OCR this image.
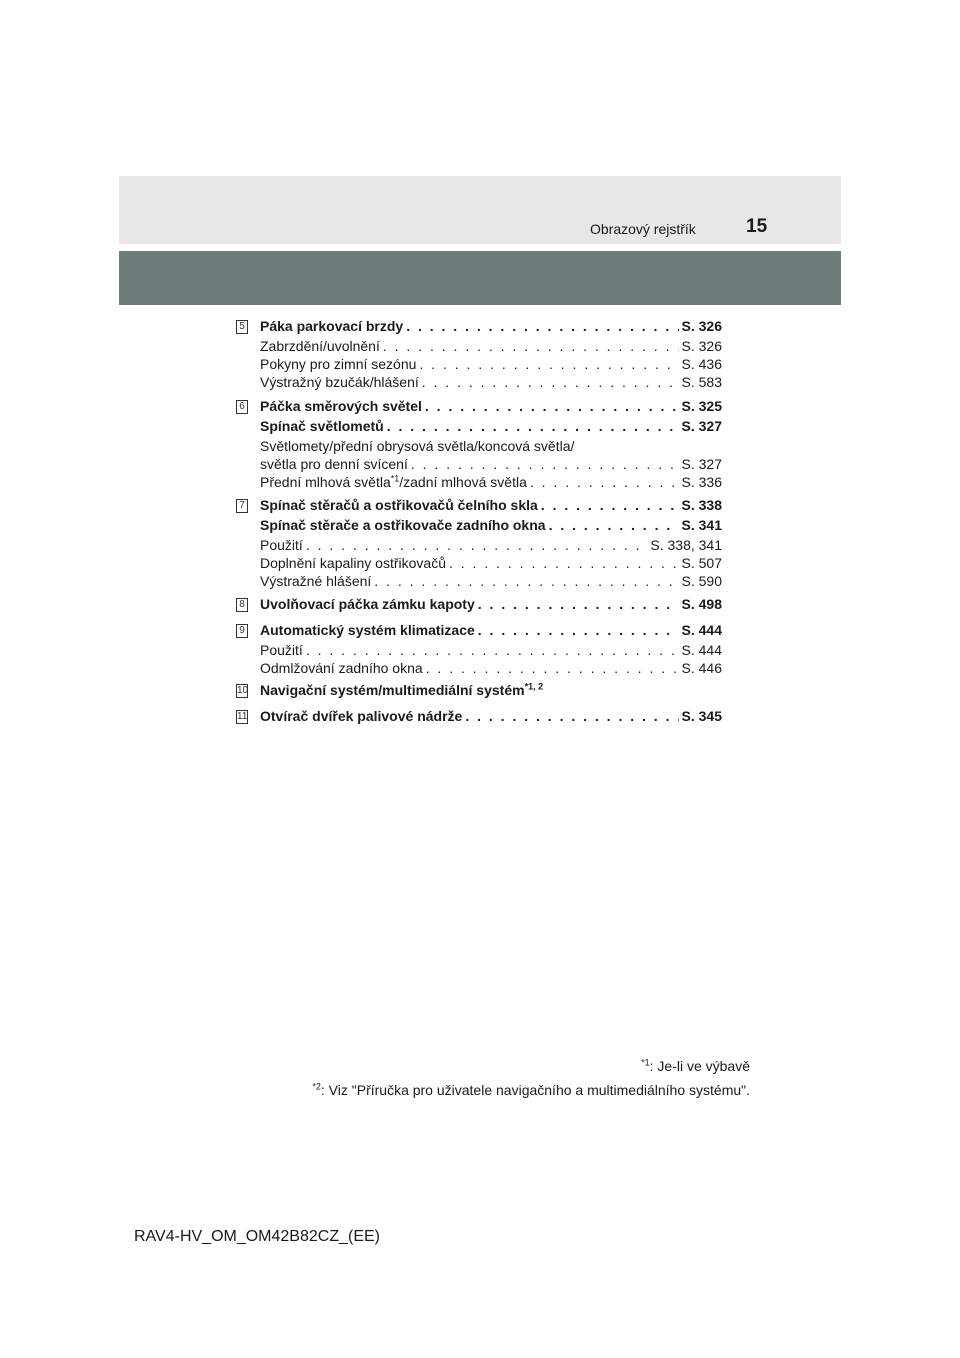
Obrazový rejstřík	15
5 Páka parkovací brzdy . . .	S. 326
Zabrzdění/uvolnění . . .	S. 326
Pokyny pro zimní sezónu . . .	S. 436
Výstražný bzučák/hlášení . . .	S. 583
6 Páčka směrových světel . . .	S. 325
Spínač světlometů . . .	S. 327
Světlomety/přední obrysová světla/koncová světla/
světla pro denní svícení . . .	S. 327
Přední mlhová světla$^{*1}$/zadní mlhová světla . . .	S. 336
7 Spínač stěračů a ostřikovačů čelního skla . . .	S. 338
Spínač stěrače a ostřikovače zadního okna . . .	S. 341
Použití . . .	S. 338, 341
Doplnění kapaliny ostřikovačů . . .	S. 507
Výstražné hlášení . . .	S. 590
8 Uvolňovací páčka zámku kapoty . . .	S. 498
9 Automatický systém klimatizace . . .	S. 444
Použití . . .	S. 444
Odmlžování zadního okna . . .	S. 446
10 Navigační systém/multimediální systém$^{*1, 2}$
11 Otvírač dvířek palivové nádrže . . .	S. 345
$^{*1}$: Je-li ve výbavě
$^{*2}$: Viz "Příručka pro uživatele navigačního a multimediálního systému".
RAV4-HV_OM_OM42B82CZ_(EE)
